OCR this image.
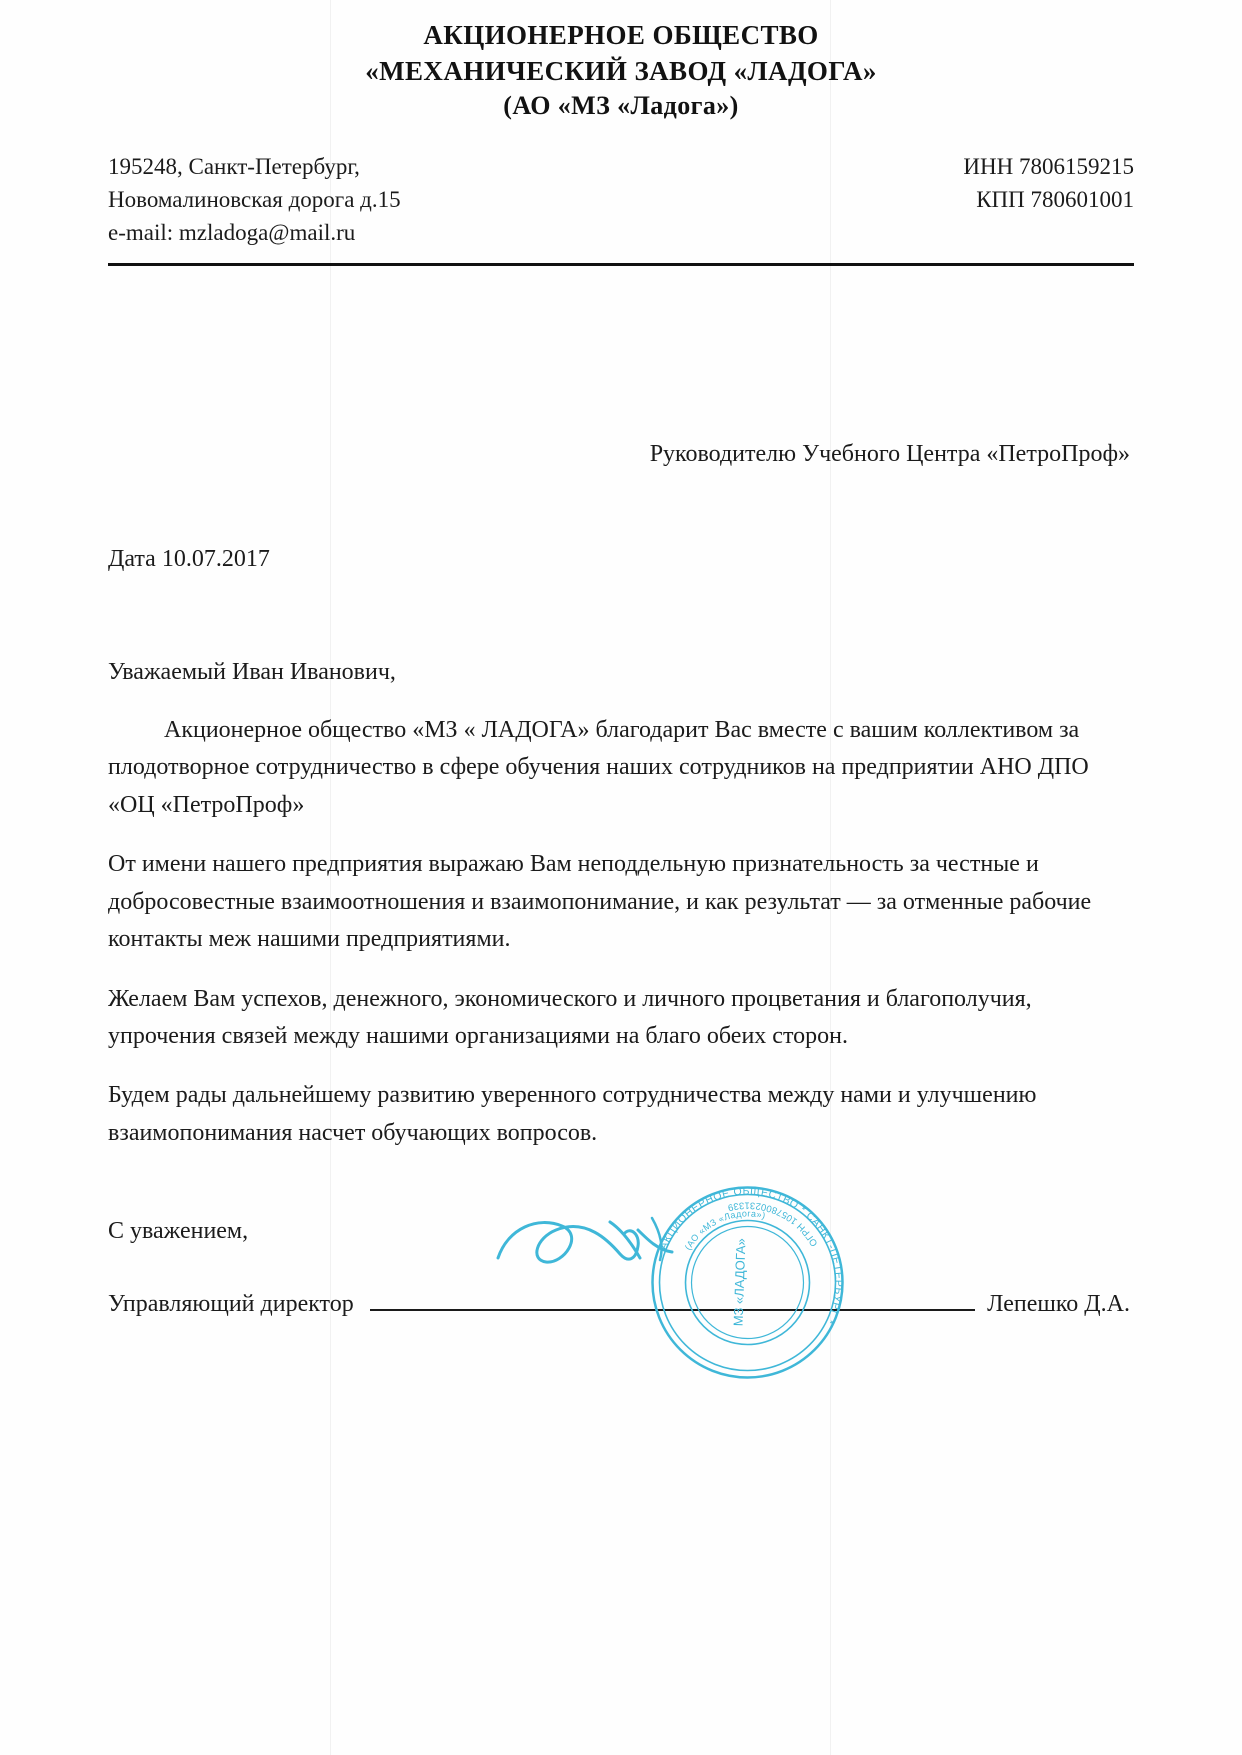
АКЦИОНЕРНОЕ ОБЩЕСТВО
«МЕХАНИЧЕСКИЙ ЗАВОД «ЛАДОГА»
(АО «МЗ «Ладога»)
195248, Санкт-Петербург,
Новомалиновская дорога д.15
e-mail: mzladoga@mail.ru
ИНН 7806159215
КПП 780601001
Руководителю Учебного Центра «ПетроПроф»
Дата 10.07.2017
Уважаемый Иван Иванович,

Акционерное общество «МЗ « ЛАДОГА» благодарит Вас вместе с вашим коллективом за плодотворное сотрудничество в сфере обучения наших сотрудников на предприятии АНО ДПО «ОЦ «ПетроПроф»

От имени нашего предприятия выражаю Вам неподдельную признательность за честные и добросовестные взаимоотношения и взаимопонимание, и как результат — за отменные рабочие контакты меж нашими предприятиями.

Желаем Вам успехов, денежного, экономического и личного процветания и благополучия, упрочения связей между нашими организациями на благо обеих сторон.

Будем рады дальнейшему развитию уверенного сотрудничества между нами и улучшению взаимопонимания насчет обучающих вопросов.

С уважением,
Управляющий директор	Лепешко Д.А.
АКЦИОНЕРНОЕ ОБЩЕСТВО * САНКТ-ПЕТЕРБУРГ *
ОГРН 1057800231339
(АО «МЗ «Ладога»)
МЗ «ЛАДОГА»
